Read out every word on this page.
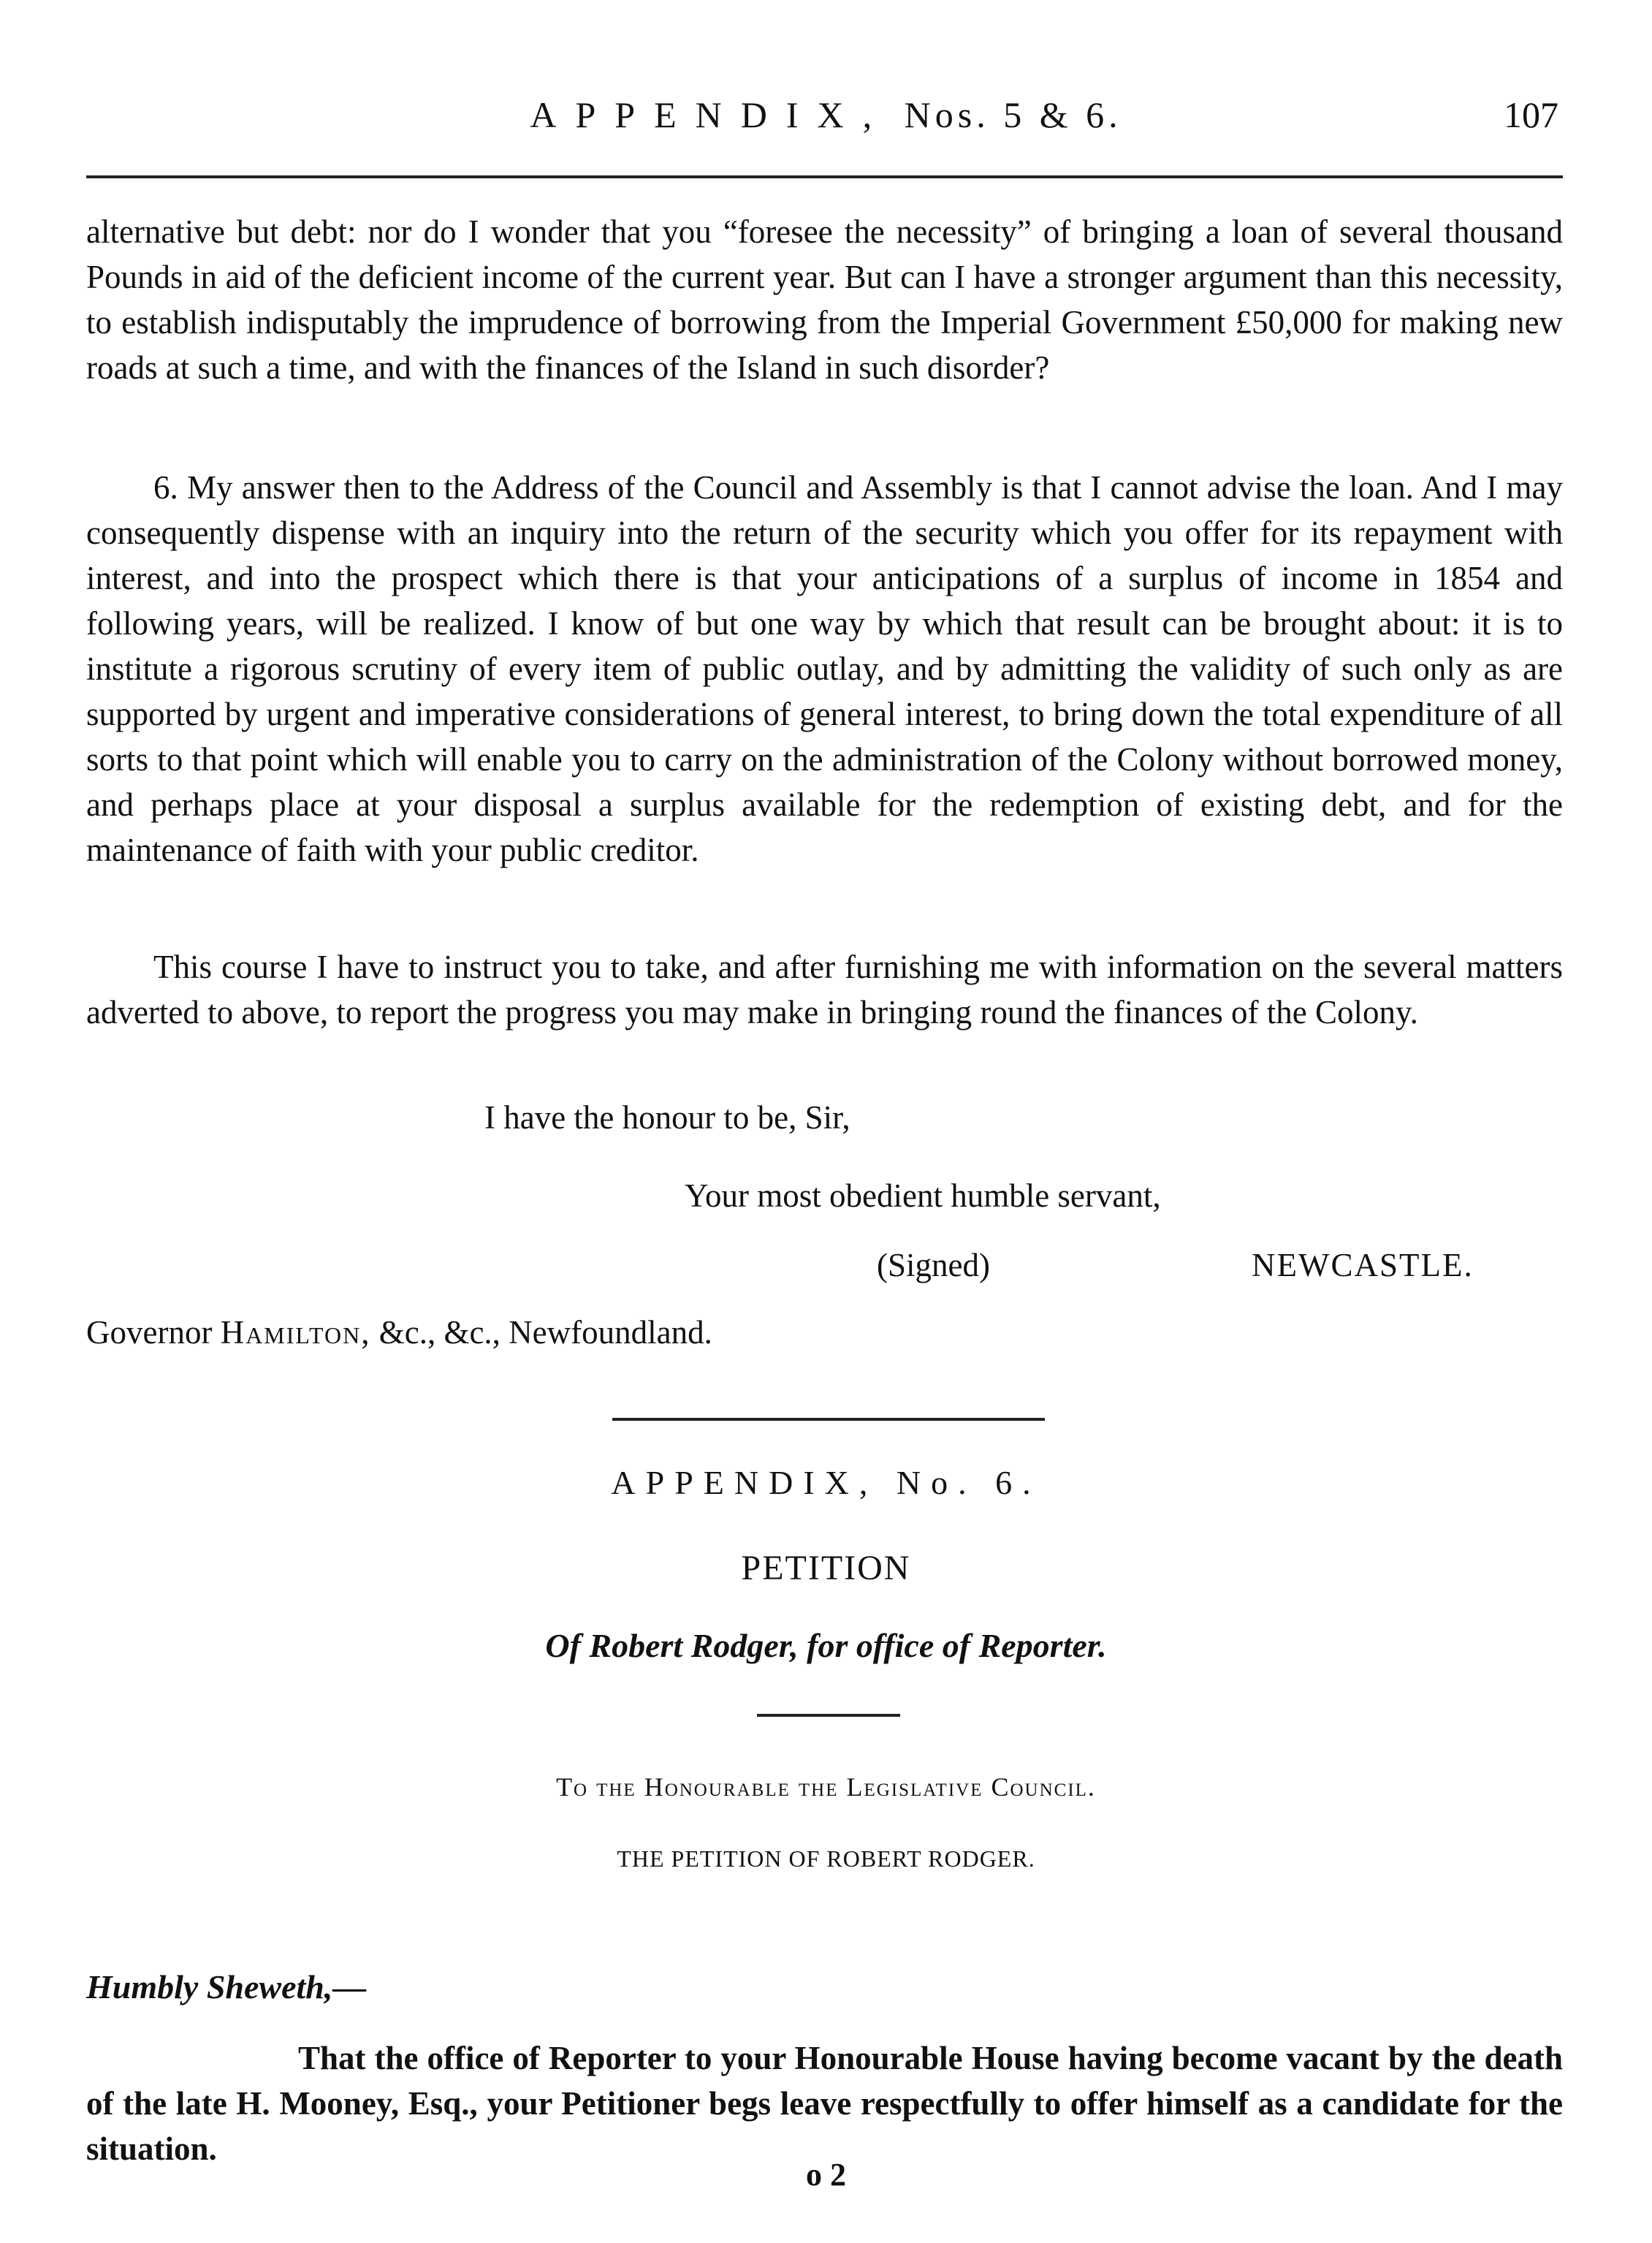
APPENDIX, Nos. 5 & 6.	107

alternative but debt: nor do I wonder that you “foresee the necessity” of bringing a loan of several thousand Pounds in aid of the deficient income of the current year. But can I have a stronger argument than this necessity, to establish indisputably the imprudence of borrowing from the Imperial Government £50,000 for making new roads at such a time, and with the finances of the Island in such disorder?

6. My answer then to the Address of the Council and Assembly is that I cannot advise the loan. And I may consequently dispense with an inquiry into the return of the security which you offer for its repayment with interest, and into the prospect which there is that your anticipations of a surplus of income in 1854 and following years, will be realized. I know of but one way by which that result can be brought about: it is to institute a rigorous scrutiny of every item of public outlay, and by admitting the validity of such only as are supported by urgent and imperative considerations of general interest, to bring down the total expenditure of all sorts to that point which will enable you to carry on the administration of the Colony without borrowed money, and perhaps place at your disposal a surplus available for the redemption of existing debt, and for the maintenance of faith with your public creditor.

This course I have to instruct you to take, and after furnishing me with information on the several matters adverted to above, to report the progress you may make in bringing round the finances of the Colony.

I have the honour to be, Sir,
Your most obedient humble servant,
(Signed)	NEWCASTLE.
Governor Hamilton, &c., &c., Newfoundland.
APPENDIX, No. 6.
PETITION
Of Robert Rodger, for office of Reporter.
To the Honourable the Legislative Council.
THE PETITION OF ROBERT RODGER.
Humbly Sheweth,—

That the office of Reporter to your Honourable House having become vacant by the death of the late H. Mooney, Esq., your Petitioner begs leave respectfully to offer himself as a candidate for the situation.

o 2
